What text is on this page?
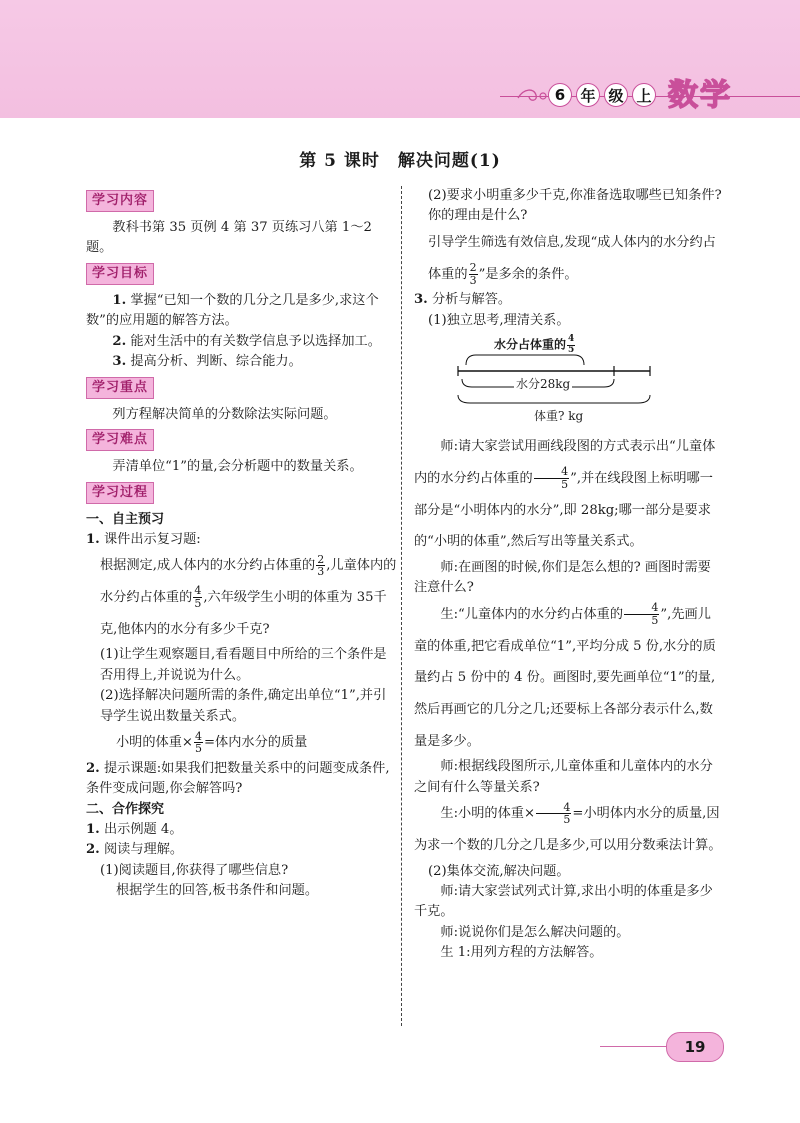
6	年 级 上 数学
第 5 课时　解决问题(1)
学习内容

教科书第 35 页例 4 第 37 页练习八第 1～2 题。

学习目标

1. 掌握“已知一个数的几分之几是多少,求这个数”的应用题的解答方法。

2. 能对生活中的有关数学信息予以选择加工。

3. 提高分析、判断、综合能力。

学习重点

列方程解决简单的分数除法实际问题。

学习难点

弄清单位“1”的量,会分析题中的数量关系。

学习过程

一、自主预习

1. 课件出示复习题:

根据测定,成人体内的水分约占体重的 $\frac{2}{3}$ ,儿童体内的水分约占体重的 $\frac{4}{5}$ ,六年级学生小明的体重为 35千克,他体内的水分有多少千克?

(1)让学生观察题目,看看题目中所给的三个条件是否用得上,并说说为什么。

(2)选择解决问题所需的条件,确定出单位“1”,并引导学生说出数量关系式。

小明的体重× $\frac{4}{5}$ =体内水分的质量

2. 提示课题:如果我们把数量关系中的问题变成条件,条件变成问题,你会解答吗?

二、合作探究

1. 出示例题 4。

2. 阅读与理解。

(1)阅读题目,你获得了哪些信息?

根据学生的回答,板书条件和问题。

(2)要求小明重多少千克,你准备选取哪些已知条件?你的理由是什么?

引导学生筛选有效信息,发现“成人体内的水分约占体重的 $\frac{2}{3}$ ”是多余的条件。

3. 分析与解答。

(1)独立思考,理清关系。

水分占体重的 $\frac{4}{5}$
水分28kg
体重? kg

师:请大家尝试用画线段图的方式表示出“儿童体内的水分约占体重的 $\frac{4}{5}$ ”,并在线段图上标明哪一部分是“小明体内的水分”,即 28kg;哪一部分是要求的“小明的体重”,然后写出等量关系式。

师:在画图的时候,你们是怎么想的? 画图时需要注意什么?

生:“儿童体内的水分约占体重的 $\frac{4}{5}$ ”,先画儿童的体重,把它看成单位“1”,平均分成 5 份,水分的质量约占 5 份中的 4 份。画图时,要先画单位“1”的量,然后再画它的几分之几;还要标上各部分表示什么,数量是多少。

师:根据线段图所示,儿童体重和儿童体内的水分之间有什么等量关系?

生:小明的体重× $\frac{4}{5}$ =小明体内水分的质量,因为求一个数的几分之几是多少,可以用分数乘法计算。

(2)集体交流,解决问题。

师:请大家尝试列式计算,求出小明的体重是多少千克。

师:说说你们是怎么解决问题的。

生 1:用列方程的方法解答。

19
